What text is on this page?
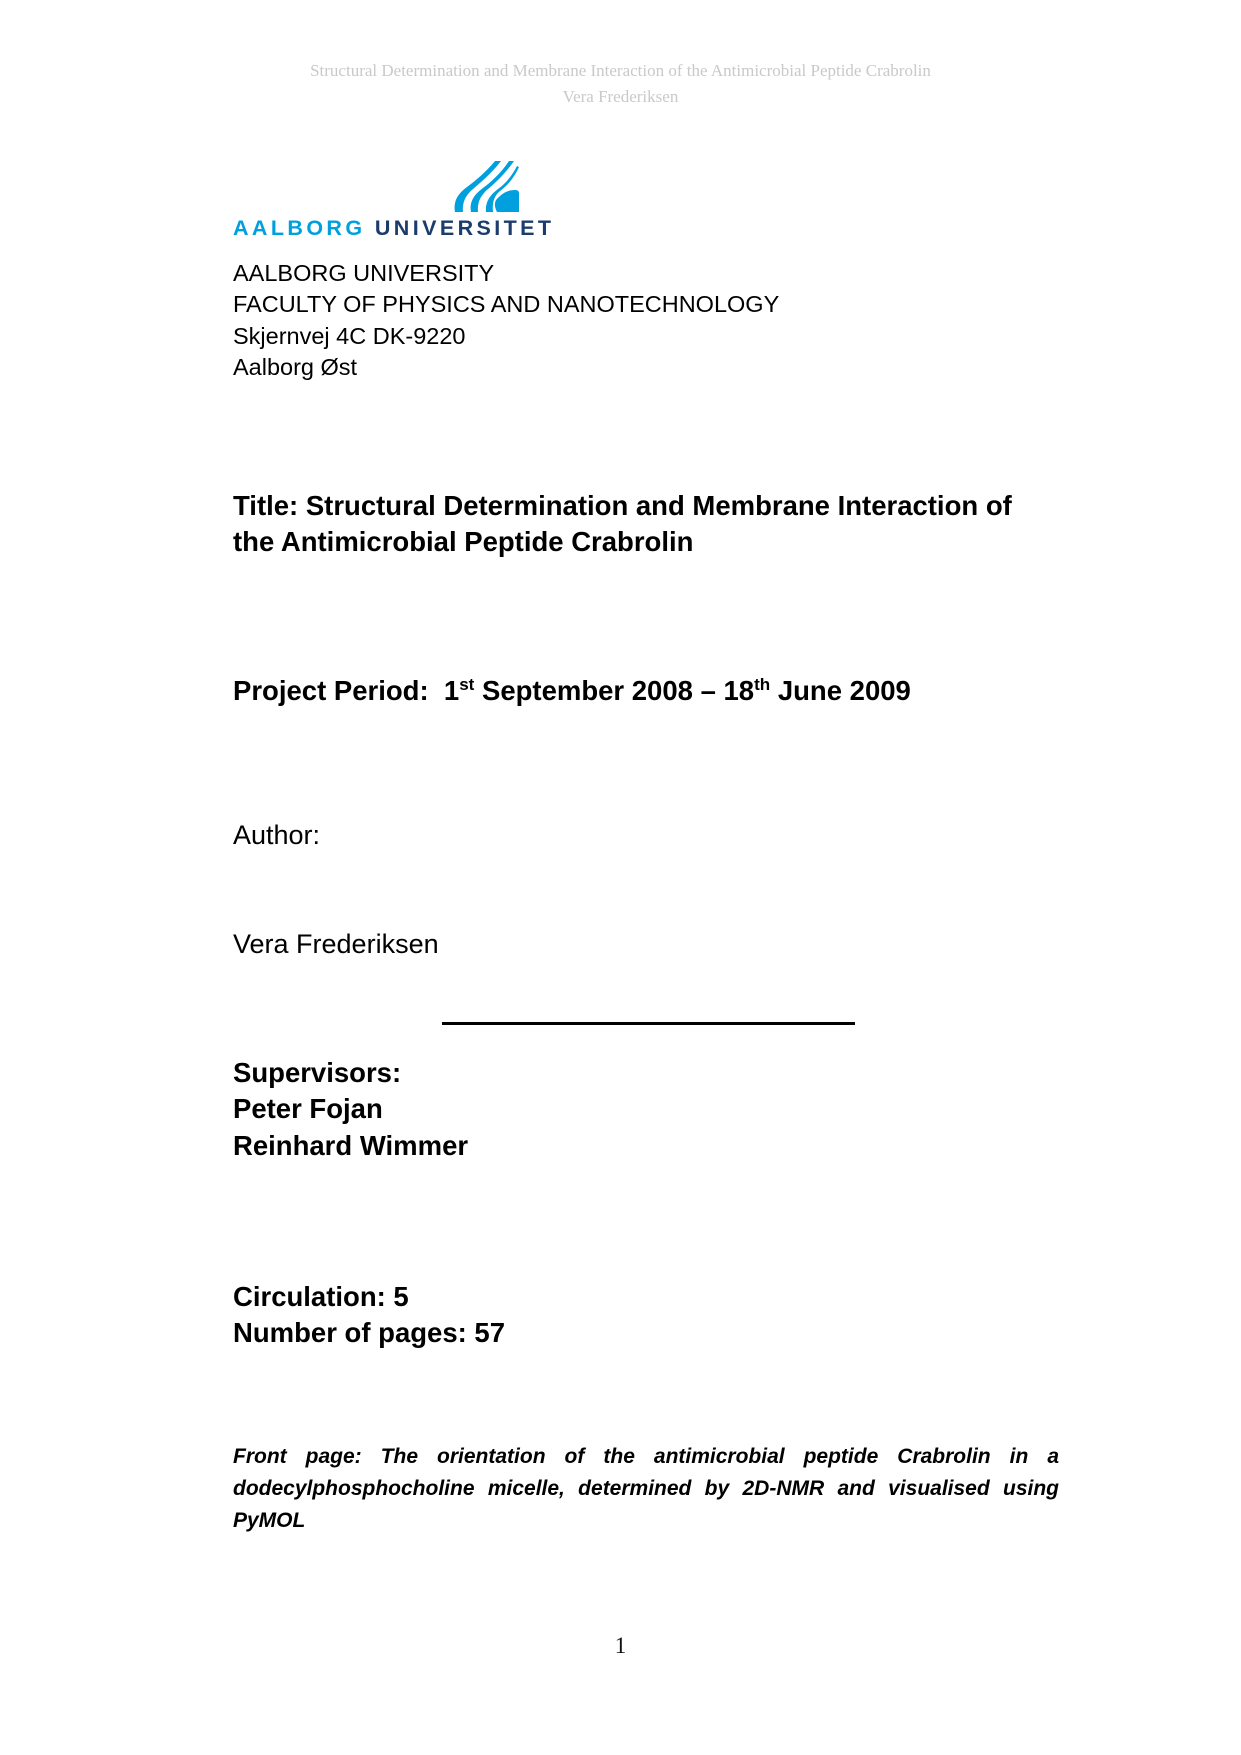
Structural Determination and Membrane Interaction of the Antimicrobial Peptide Crabrolin
Vera Frederiksen
AALBORG UNIVERSITET
AALBORG UNIVERSITY
FACULTY OF PHYSICS AND NANOTECHNOLOGY
Skjernvej 4C DK-9220
Aalborg Øst
Title: Structural Determination and Membrane Interaction of the Antimicrobial Peptide Crabrolin
Project Period: 1st September 2008 – 18th June 2009
Author:
Vera Frederiksen
Supervisors:
Peter Fojan
Reinhard Wimmer
Circulation: 5
Number of pages: 57
Front page: The orientation of the antimicrobial peptide Crabrolin in a dodecylphosphocholine micelle, determined by 2D-NMR and visualised using PyMOL
1
